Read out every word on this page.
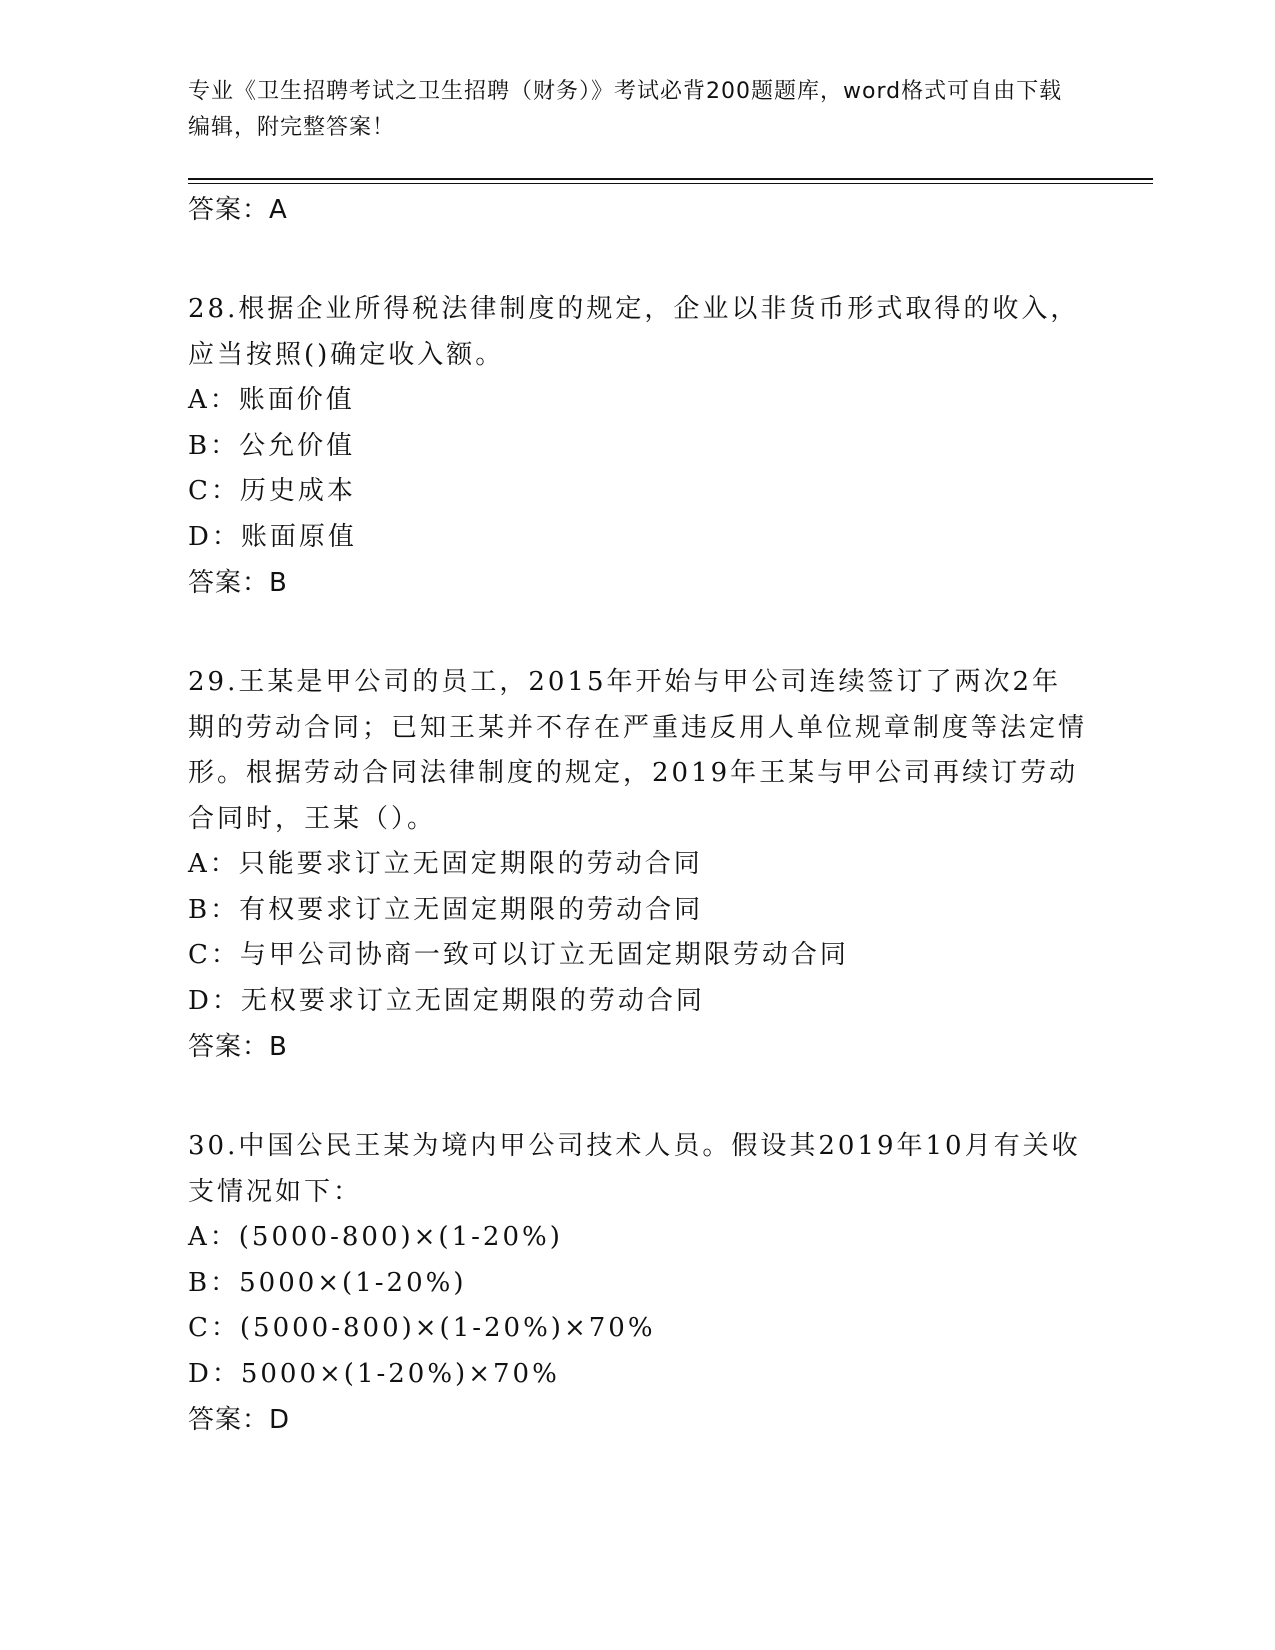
专业《卫生招聘考试之卫生招聘（财务）》考试必背200题题库，word格式可自由下载编辑，附完整答案！
答案：A
28.根据企业所得税法律制度的规定，企业以非货币形式取得的收入，应当按照()确定收入额。
A：账面价值
B：公允价值
C：历史成本
D：账面原值
答案：B
29.王某是甲公司的员工，2015年开始与甲公司连续签订了两次2年期的劳动合同；已知王某并不存在严重违反用人单位规章制度等法定情形。根据劳动合同法律制度的规定，2019年王某与甲公司再续订劳动合同时，王某（）。
A：只能要求订立无固定期限的劳动合同
B：有权要求订立无固定期限的劳动合同
C：与甲公司协商一致可以订立无固定期限劳动合同
D：无权要求订立无固定期限的劳动合同
答案：B
30.中国公民王某为境内甲公司技术人员。假设其2019年10月有关收支情况如下：
A：(5000-800)×(1-20%)
B：5000×(1-20%)
C：(5000-800)×(1-20%)×70%
D：5000×(1-20%)×70%
答案：D
